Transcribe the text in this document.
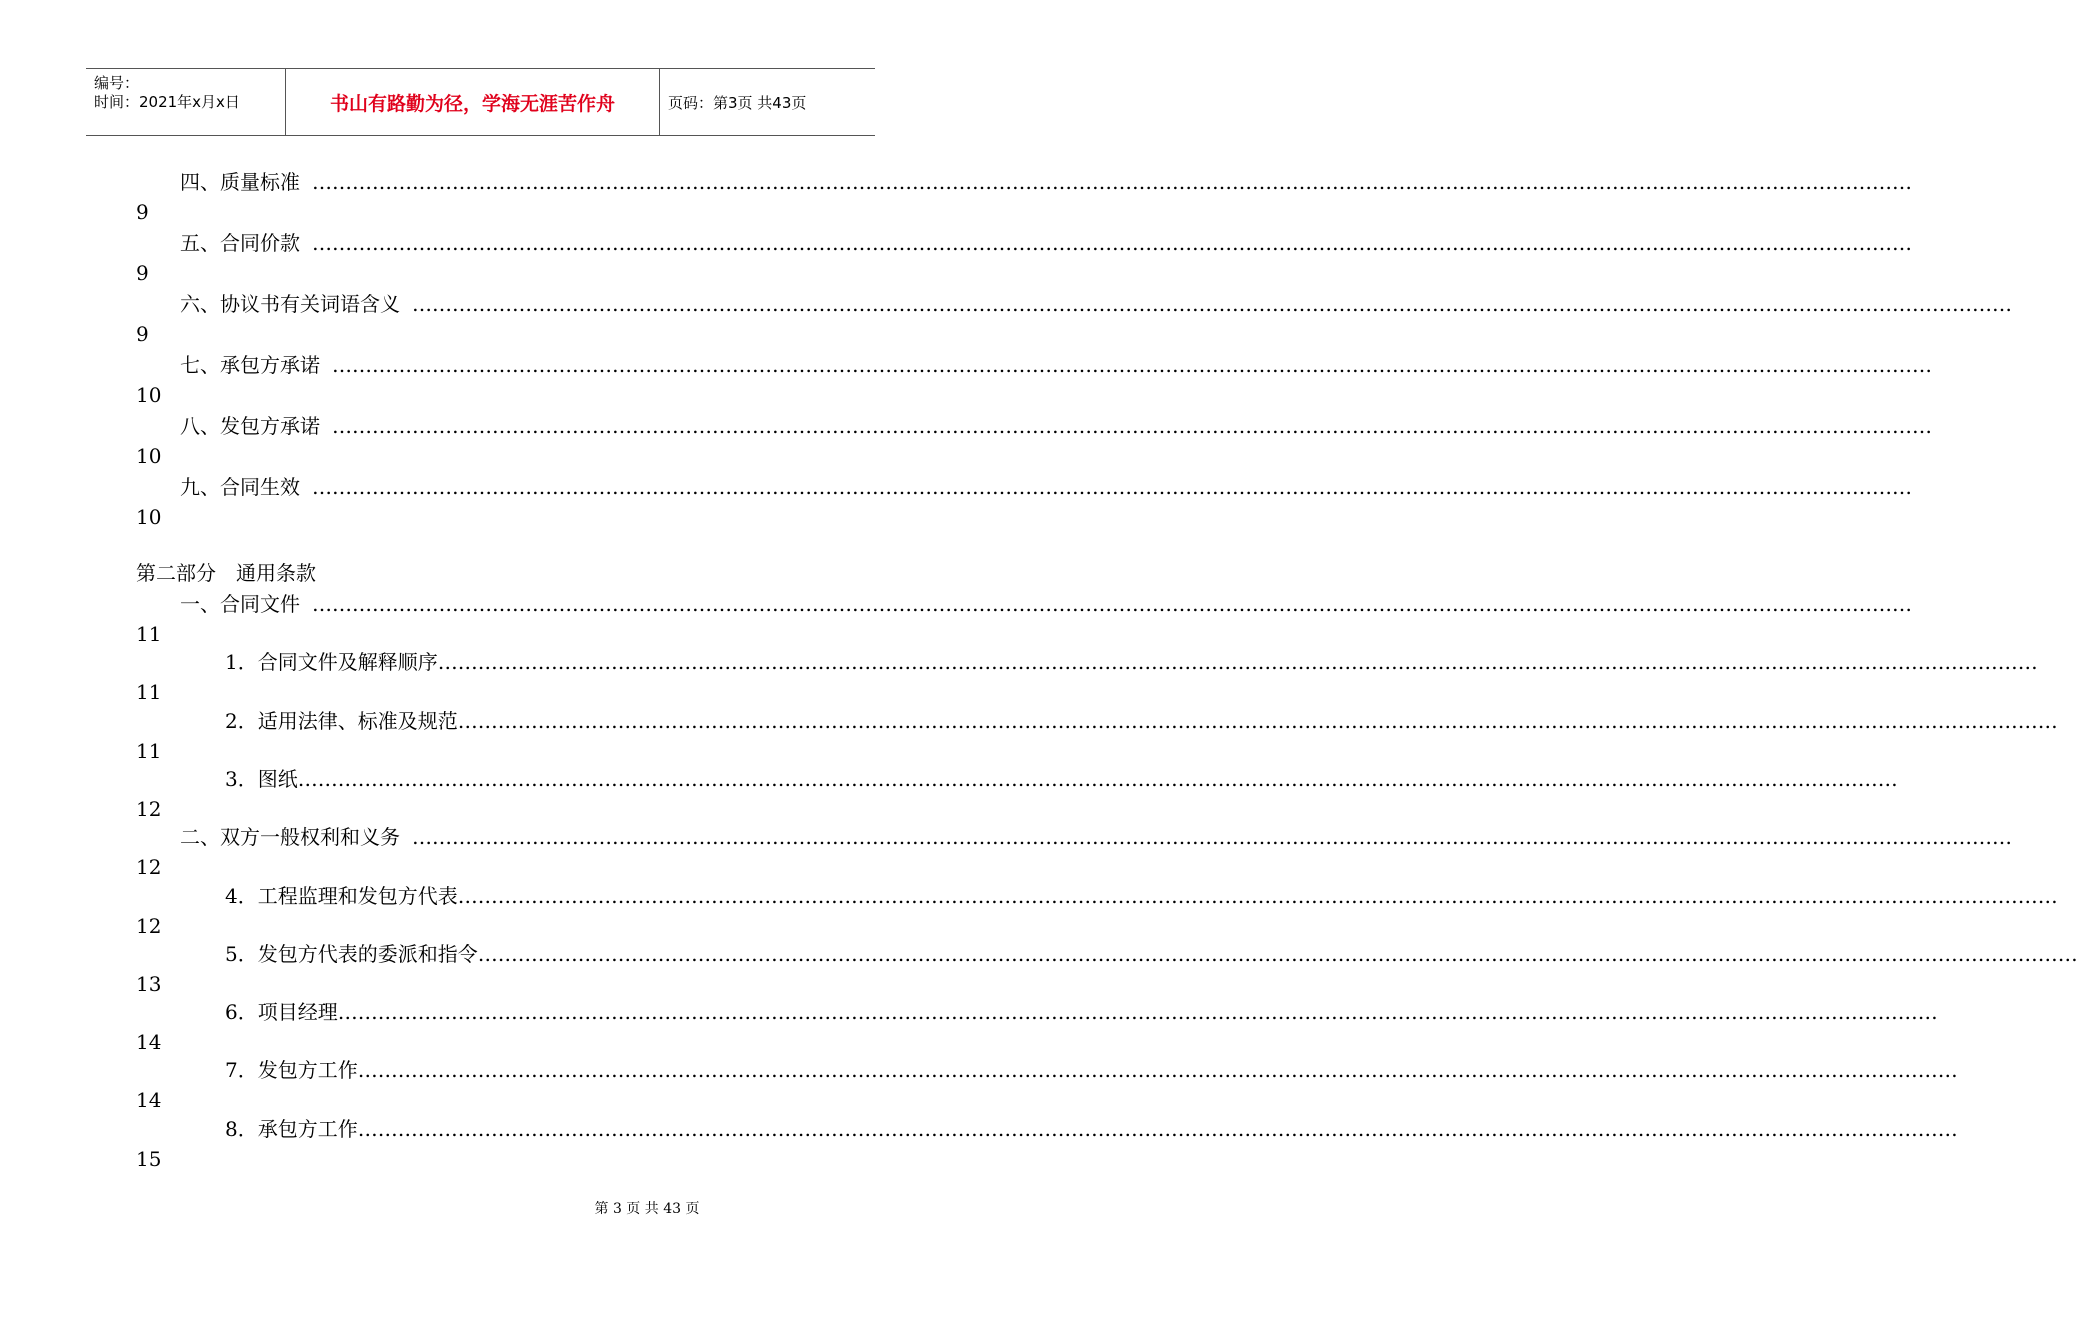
编号：
时间：2021年x月x日	书山有路勤为径，学海无涯苦作舟	页码：第3页 共43页
四、质量标准 ……………………………………………………………………………………………………………………………………………………………………………………………………………………
9
五、合同价款 ……………………………………………………………………………………………………………………………………………………………………………………………………………………
9
六、协议书有关词语含义 ……………………………………………………………………………………………………………………………………………………………………………………………………………………
9
七、承包方承诺 ……………………………………………………………………………………………………………………………………………………………………………………………………………………
10
八、发包方承诺 ……………………………………………………………………………………………………………………………………………………………………………………………………………………
10
九、合同生效 ……………………………………………………………………………………………………………………………………………………………………………………………………………………
10
一、合同文件 ……………………………………………………………………………………………………………………………………………………………………………………………………………………
11
1．合同文件及解释顺序 ……………………………………………………………………………………………………………………………………………………………………………………………………………………
11
2．适用法律、标准及规范 ……………………………………………………………………………………………………………………………………………………………………………………………………………………
11
3．图纸 ……………………………………………………………………………………………………………………………………………………………………………………………………………………
12
二、双方一般权利和义务 ……………………………………………………………………………………………………………………………………………………………………………………………………………………
12
4．工程监理和发包方代表 ……………………………………………………………………………………………………………………………………………………………………………………………………………………
12
5．发包方代表的委派和指令 ……………………………………………………………………………………………………………………………………………………………………………………………………………………
13
6．项目经理 ……………………………………………………………………………………………………………………………………………………………………………………………………………………
14
7．发包方工作 ……………………………………………………………………………………………………………………………………………………………………………………………………………………
14
8．承包方工作 ……………………………………………………………………………………………………………………………………………………………………………………………………………………
15
第二部分　通用条款
第 3 页 共 43 页
